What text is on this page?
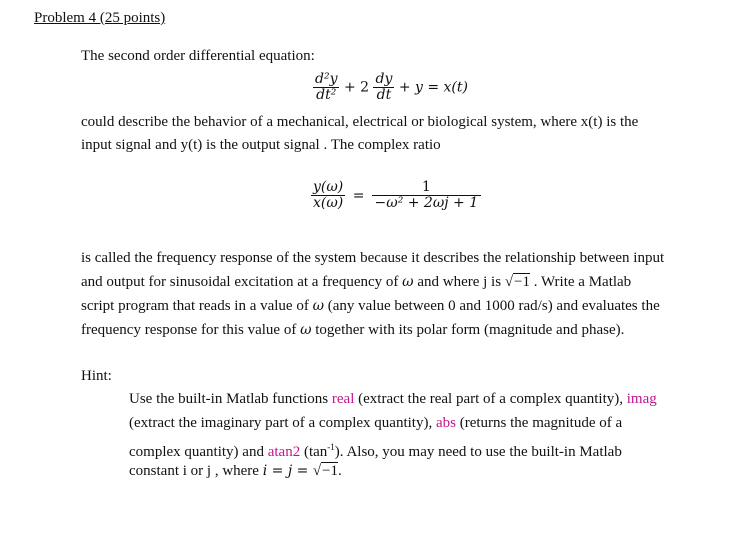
Problem 4 (25 points)
The second order differential equation:
$\frac{\text{d²y}}{\text{dt²}} + 2 \frac{dy}{dt} + y = x(t)$
could describe the behavior of a mechanical, electrical or biological system, where x(t) is the
input signal and y(t) is the output signal . The complex ratio
$\frac{y(\omega)}{x(\omega)} = \frac{1}{\text{−ω² + 2ωj + 1}}$
is called the frequency response of the system because it describes the relationship between input
and output for sinusoidal excitation at a frequency of ω and where j is √−1 . Write a Matlab
script program that reads in a value of ω (any value between 0 and 1000 rad/s) and evaluates the
frequency response for this value of ω together with its polar form (magnitude and phase).
Hint:
Use the built-in Matlab functions real (extract the real part of a complex quantity), imag
(extract the imaginary part of a complex quantity), abs (returns the magnitude of a
complex quantity) and atan2 $(\tan^{-1})$. Also, you may need to use the built-in Matlab
constant i or j , where i = j = √−1.
